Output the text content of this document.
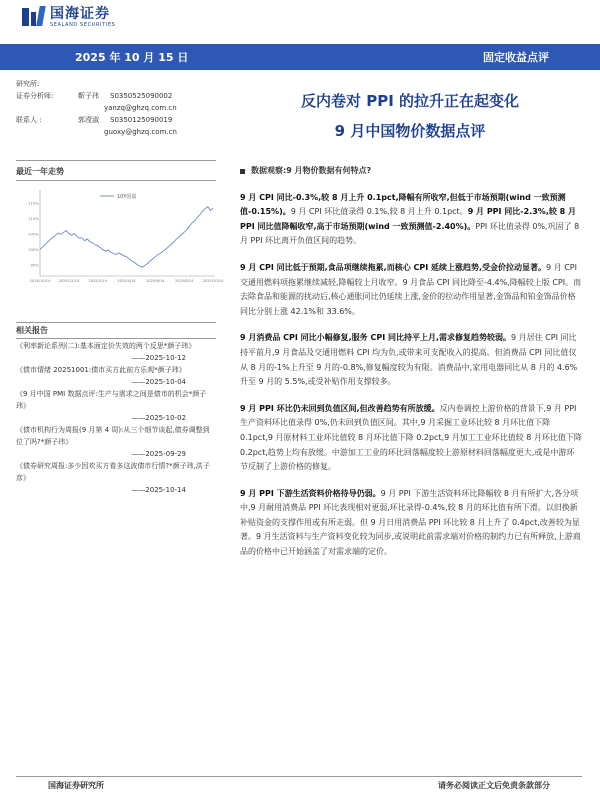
国海证券
SEALAND SECURITIES
2025 年 10 月 15 日	固定收益点评
研究所:
证券分析师:	靳子玮	S0350525090002
yanzq@ghzq.com.cn
联系人 :	郭滢淑	S0350125090019
guoxy@ghzq.com.cn
反内卷对 PPI 的拉升正在起变化
9 月中国物价数据点评
最近一年走势
10Y国债
95%
100%
105%
110%
115%
2024/10/14 2024/12/14	2025/2/14	2025/4/14	2025/6/14	2025/8/14	2025/10/14
相关报告
《利率新论系列(二):基本面定价失效的两个反思*颜子玮》
——2025-10-12
《债市情绪 20251001:债市买方此前方乐观*颜子玮》
——2025-10-04
《9 月中国 PMI 数据点评:生产与需求之间是债市的机会*颜子玮》
——2025-10-02
《债市机构行为周报(9 月第 4 周):从三个细节谈起,债券调整到位了吗?*颜子玮》
——2025-09-29
《债券研究周报:多少因欢买方看多这波债市行情?*颜子玮,洪子彦》
——2025-10-14
数据观察:9 月物价数据有何特点?

9 月 CPI 同比-0.3%,较 8 月上升 0.1pct,降幅有所收窄,但低于市场预期(wind 一致预测值-0.15%)。9 月 CPI 环比值录得 0.1%,较 8 月上升 0.1pct。9 月 PPI 同比-2.3%,较 8 月 PPI 同比值降幅收窄,高于市场预期(wind 一致预测值-2.40%)。PPI 环比值录得 0%,巩固了 8 月 PPI 环比离开负值区间的趋势。

9 月 CPI 同比低于预期,食品项继续拖累,而核心 CPI 延续上涨趋势,受金价拉动显著。9 月 CPI 交通用燃料项拖累继续减轻,降幅较上月收窄。9 月食品 CPI 同比降至-4.4%,降幅较上版 CPI。而去除食品和能源的扰动后,核心通胀同比仍延续上涨,金价的拉动作用显著,金饰品和铂金饰品价格同比分别上涨 42.1%和 33.6%。

9 月消费品 CPI 同比小幅修复,服务 CPI 同比持平上月,需求修复趋势较弱。9 月居住 CPI 同比持平前月,9 月食品及交通用燃料 CPI 均为负,或带来可支配收入的提高。但消费品 CPI 同比值仅从 8 月的-1%上升至 9 月的-0.8%,修复幅度较为有限。消费品中,家用电器同比从 8 月的 4.6%升至 9 月的 5.5%,或受补贴作用支撑较多。

9 月 PPI 环比仍未回到负值区间,但改善趋势有所放缓。反内卷调控上游价格的背景下,9 月 PPI 生产资料环比值录得 0%,仍未回到负值区间。其中,9 月采掘工业环比较 8 月环比值下降 0.1pct,9 月原材料工业环比值较 8 月环比值下降 0.2pct,9 月加工工业环比值较 8 月环比值下降 0.2pct,趋势上均有放缓。中游加工工业的环比回落幅度较上游原材料回落幅度更大,或是中游环节反制了上游价格的修复。

9 月 PPI 下游生活资料价格待导仍弱。9 月 PPI 下游生活资料环比降幅较 8 月有所扩大,各分项中,9 月耐用消费品 PPI 环比表现相对更弱,环比录得-0.4%,较 8 月的环比值有所下滑。以旧换新补贴资金的支撑作用或有所走弱。但 9 月日用消费品 PPI 环比较 8 月上升了 0.4pct,改善较为显著。9 月生活资料与生产资料变化较为同步,或说明此前需求端对价格的制约力已有所释放,上游商品的价格中已开始涵盖了对需求端的定价。

国海证券研究所	请务必阅读正文后免责条款部分
